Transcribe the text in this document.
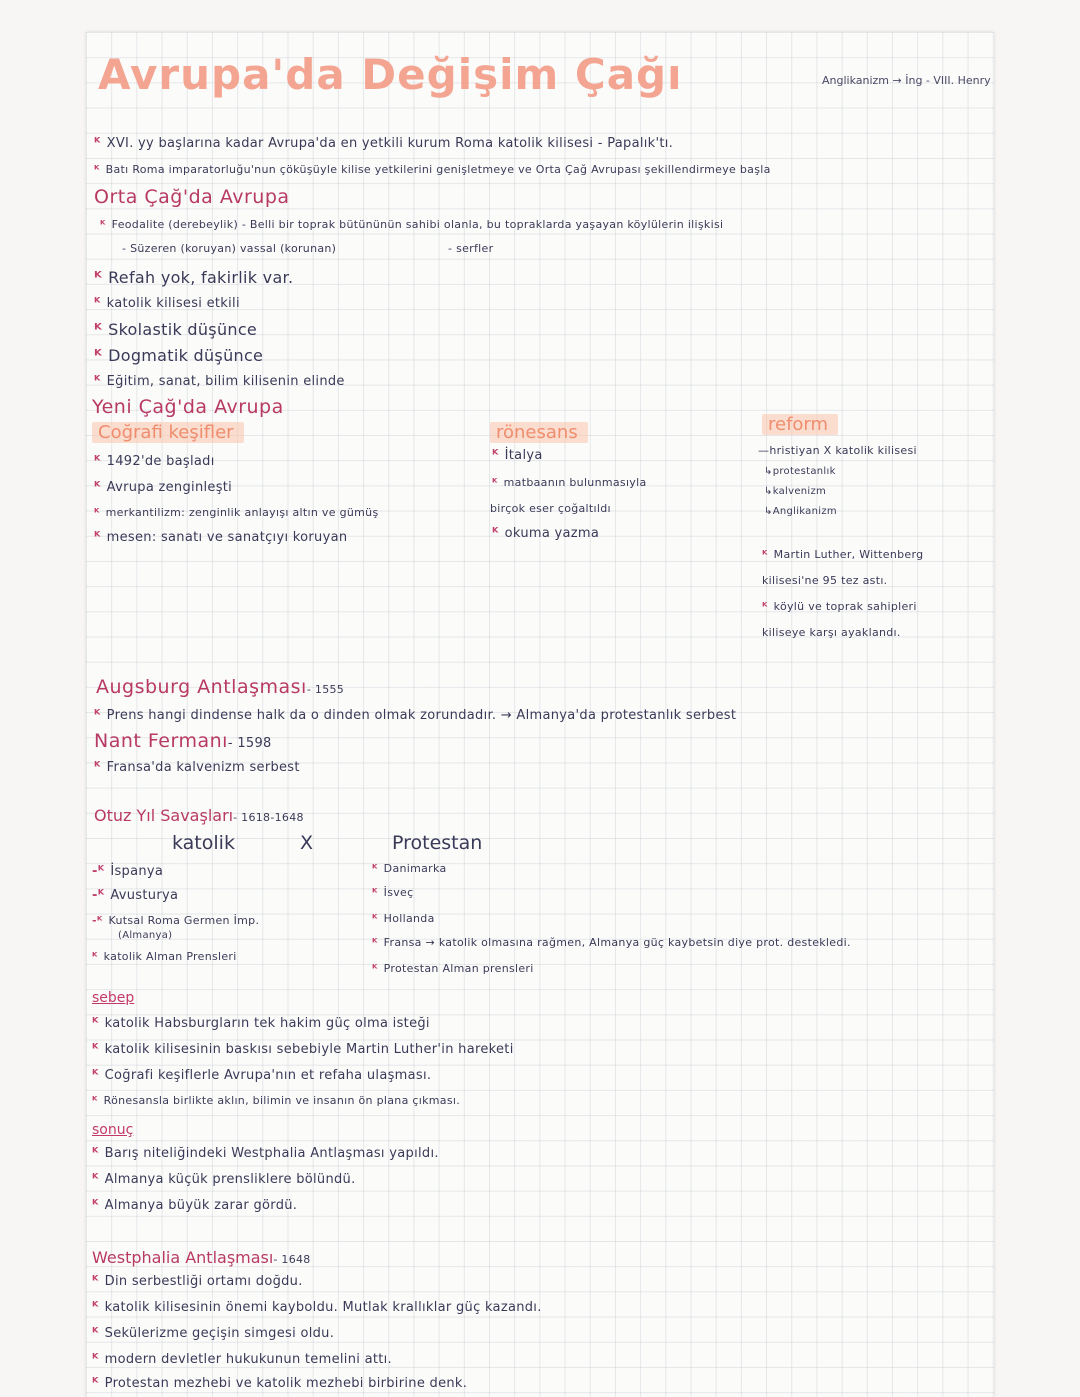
Avrupa'da Değişim Çağı	Anglikanizm → İng - VIII. Henry
ᴷ XVI. yy başlarına kadar Avrupa'da en yetkili kurum Roma katolik kilisesi - Papalık'tı.
ᴷ Batı Roma imparatorluğu'nun çöküşüyle kilise yetkilerini genişletmeye ve Orta Çağ Avrupası şekillendirmeye başla
Orta Çağ'da Avrupa
ᴷ Feodalite (derebeylik) - Belli bir toprak bütününün sahibi olanla, bu topraklarda yaşayan köylülerin ilişkisi
- Süzeren (koruyan) vassal (korunan)	- serfler
ᴷ Refah yok, fakirlik var.
ᴷ katolik kilisesi etkili
ᴷ Skolastik düşünce
ᴷ Dogmatik düşünce
ᴷ Eğitim, sanat, bilim kilisenin elinde
Yeni Çağ'da Avrupa
Coğrafi keşifler
ᴷ 1492'de başladı
ᴷ Avrupa zenginleşti
ᴷ merkantilizm: zenginlik anlayışı altın ve gümüş
ᴷ mesen: sanatı ve sanatçıyı koruyan
rönesans
ᴷ İtalya
ᴷ matbaanın bulunmasıyla
birçok eser çoğaltıldı
ᴷ okuma yazma
reform
—hristiyan X katolik kilisesi
↳protestanlık
↳kalvenizm
↳Anglikanizm
ᴷ Martin Luther, Wittenberg
kilisesi'ne 95 tez astı.
ᴷ köylü ve toprak sahipleri
kiliseye karşı ayaklandı.
Augsburg Antlaşması- 1555
ᴷ Prens hangi dindense halk da o dinden olmak zorundadır. → Almanya'da protestanlık serbest
Nant Fermanı- 1598
ᴷ Fransa'da kalvenizm serbest
Otuz Yıl Savaşları- 1618-1648
katolik	X	Protestan
-ᴷ İspanya
-ᴷ Avusturya
-ᴷ Kutsal Roma Germen İmp.
(Almanya)
ᴷ katolik Alman Prensleri
ᴷ Danimarka
ᴷ İsveç
ᴷ Hollanda
ᴷ Fransa → katolik olmasına rağmen, Almanya güç kaybetsin diye prot. destekledi.
ᴷ Protestan Alman prensleri
sebep
ᴷ katolik Habsburgların tek hakim güç olma isteği
ᴷ katolik kilisesinin baskısı sebebiyle Martin Luther'in hareketi
ᴷ Coğrafi keşiflerle Avrupa'nın et refaha ulaşması.
ᴷ Rönesansla birlikte aklın, bilimin ve insanın ön plana çıkması.
sonuç
ᴷ Barış niteliğindeki Westphalia Antlaşması yapıldı.
ᴷ Almanya küçük prensliklere bölündü.
ᴷ Almanya büyük zarar gördü.
Westphalia Antlaşması- 1648
ᴷ Din serbestliği ortamı doğdu.
ᴷ katolik kilisesinin önemi kayboldu. Mutlak krallıklar güç kazandı.
ᴷ Sekülerizme geçişin simgesi oldu.
ᴷ modern devletler hukukunun temelini attı.
ᴷ Protestan mezhebi ve katolik mezhebi birbirine denk.
